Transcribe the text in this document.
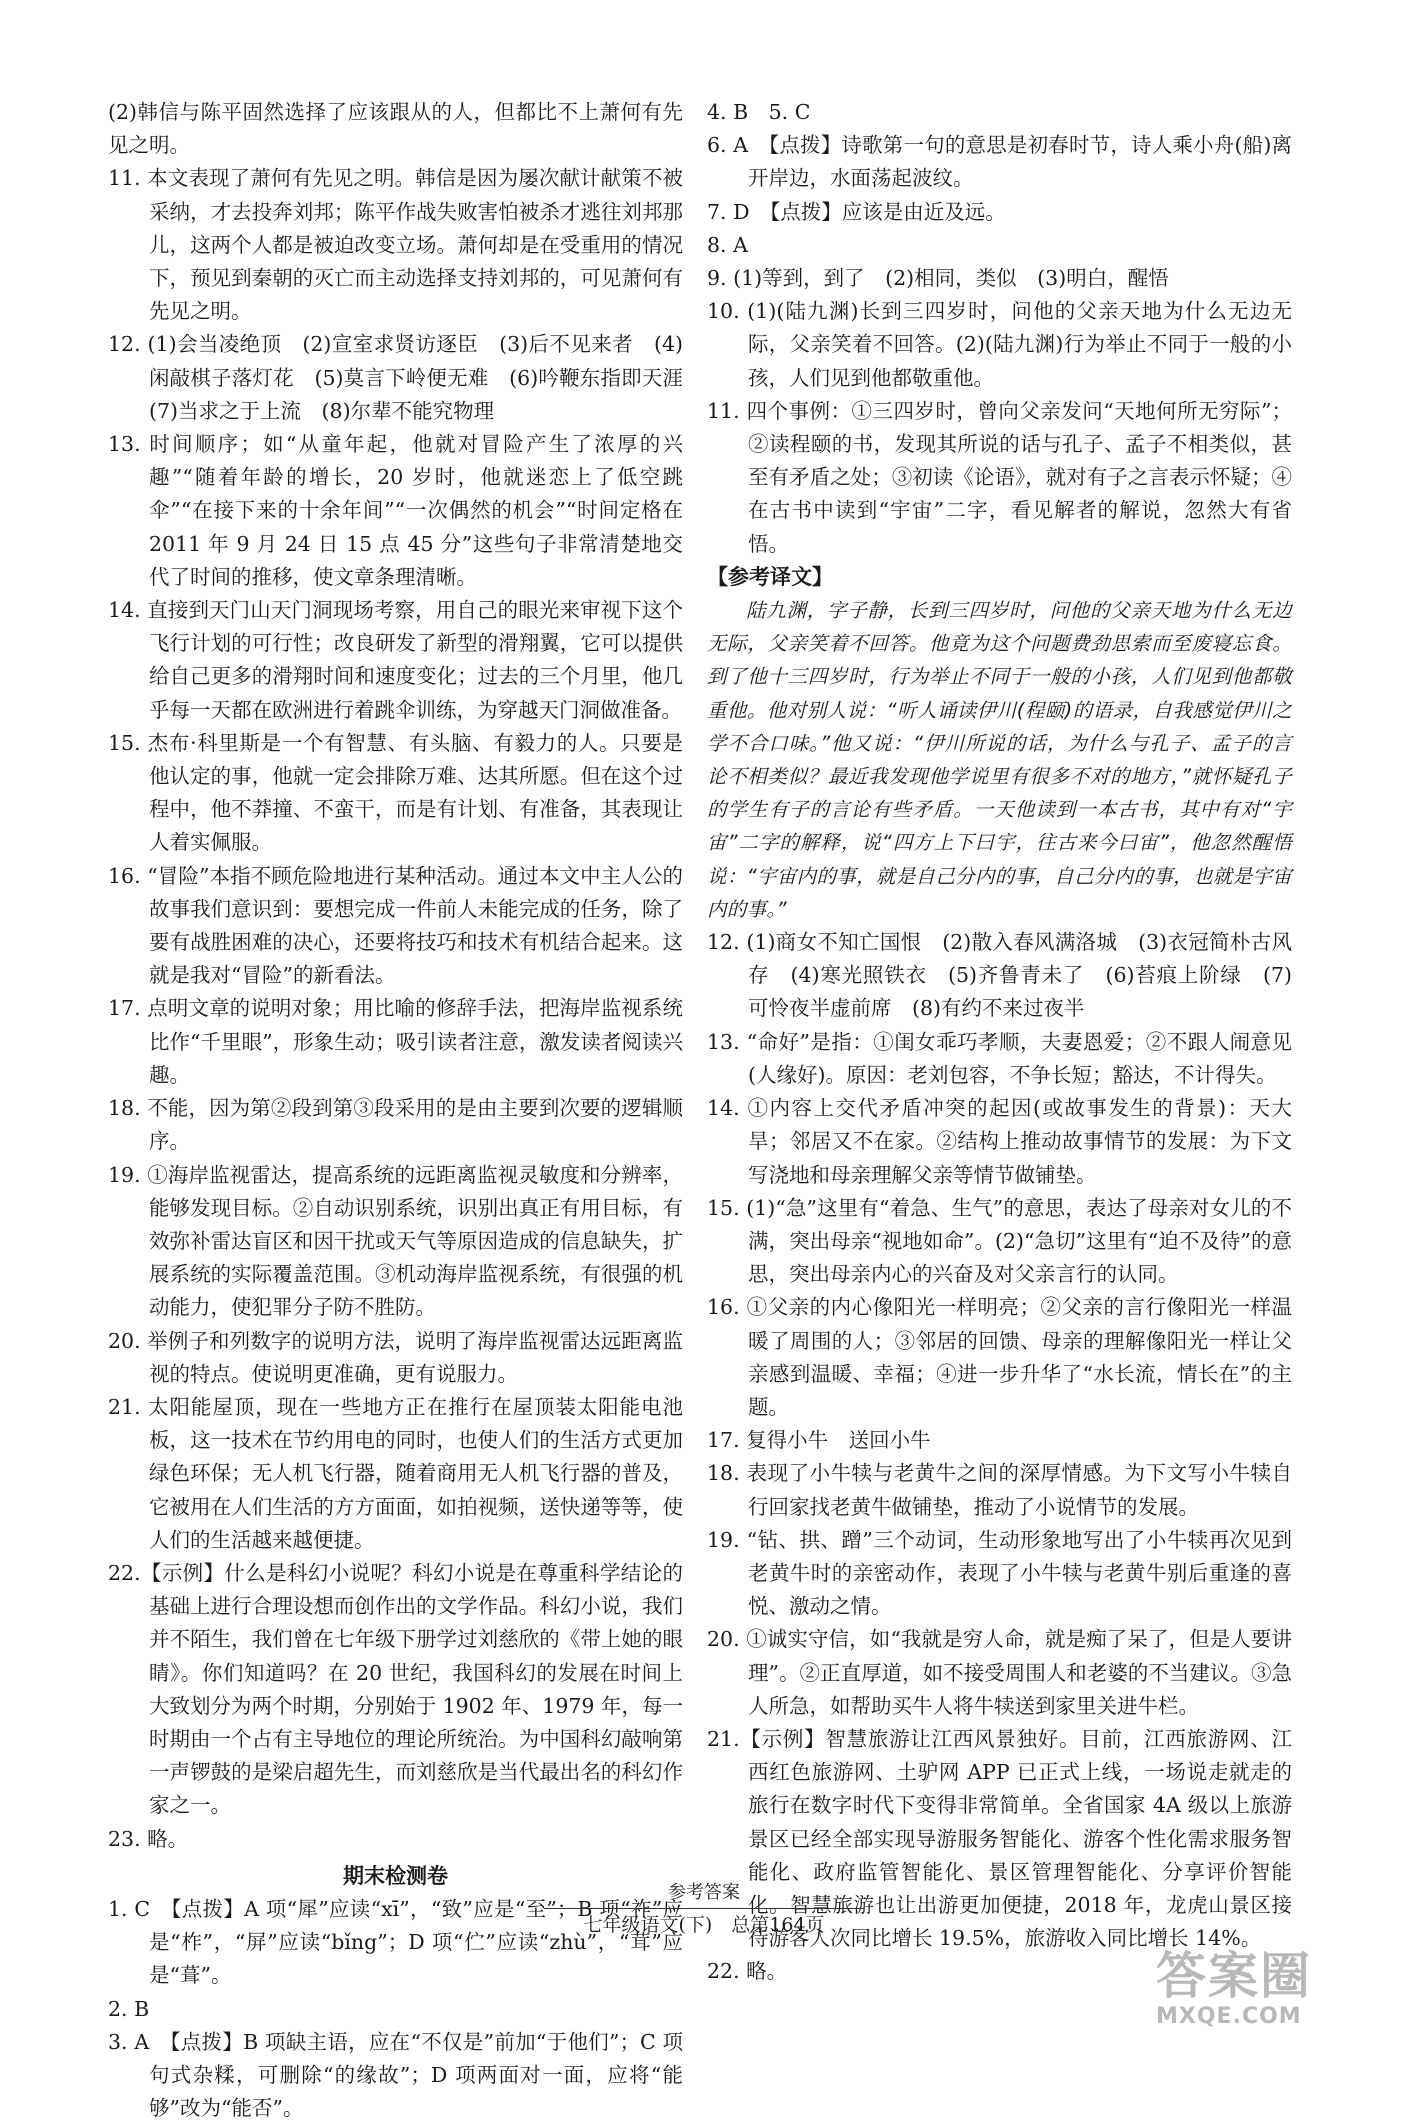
(2)韩信与陈平固然选择了应该跟从的人，但都比不上萧何有先见之明。

11. 本文表现了萧何有先见之明。韩信是因为屡次献计献策不被采纳，才去投奔刘邦；陈平作战失败害怕被杀才逃往刘邦那儿，这两个人都是被迫改变立场。萧何却是在受重用的情况下，预见到秦朝的灭亡而主动选择支持刘邦的，可见萧何有先见之明。

12. (1)会当凌绝顶　(2)宣室求贤访逐臣　(3)后不见来者　(4)闲敲棋子落灯花　(5)莫言下岭便无难　(6)吟鞭东指即天涯　(7)当求之于上流　(8)尔辈不能究物理

13. 时间顺序；如“从童年起，他就对冒险产生了浓厚的兴趣”“随着年龄的增长，20 岁时，他就迷恋上了低空跳伞”“在接下来的十余年间”“一次偶然的机会”“时间定格在 2011 年 9 月 24 日 15 点 45 分”这些句子非常清楚地交代了时间的推移，使文章条理清晰。

14. 直接到天门山天门洞现场考察，用自己的眼光来审视下这个飞行计划的可行性；改良研发了新型的滑翔翼，它可以提供给自己更多的滑翔时间和速度变化；过去的三个月里，他几乎每一天都在欧洲进行着跳伞训练，为穿越天门洞做准备。

15. 杰布·科里斯是一个有智慧、有头脑、有毅力的人。只要是他认定的事，他就一定会排除万难、达其所愿。但在这个过程中，他不莽撞、不蛮干，而是有计划、有准备，其表现让人着实佩服。

16. “冒险”本指不顾危险地进行某种活动。通过本文中主人公的故事我们意识到：要想完成一件前人未能完成的任务，除了要有战胜困难的决心，还要将技巧和技术有机结合起来。这就是我对“冒险”的新看法。

17. 点明文章的说明对象；用比喻的修辞手法，把海岸监视系统比作“千里眼”，形象生动；吸引读者注意，激发读者阅读兴趣。

18. 不能，因为第②段到第③段采用的是由主要到次要的逻辑顺序。

19. ①海岸监视雷达，提高系统的远距离监视灵敏度和分辨率，能够发现目标。②自动识别系统，识别出真正有用目标，有效弥补雷达盲区和因干扰或天气等原因造成的信息缺失，扩展系统的实际覆盖范围。③机动海岸监视系统，有很强的机动能力，使犯罪分子防不胜防。

20. 举例子和列数字的说明方法，说明了海岸监视雷达远距离监视的特点。使说明更准确，更有说服力。

21. 太阳能屋顶，现在一些地方正在推行在屋顶装太阳能电池板，这一技术在节约用电的同时，也使人们的生活方式更加绿色环保；无人机飞行器，随着商用无人机飞行器的普及，它被用在人们生活的方方面面，如拍视频，送快递等等，使人们的生活越来越便捷。

22.【示例】什么是科幻小说呢？科幻小说是在尊重科学结论的基础上进行合理设想而创作出的文学作品。科幻小说，我们并不陌生，我们曾在七年级下册学过刘慈欣的《带上她的眼睛》。你们知道吗？在 20 世纪，我国科幻的发展在时间上大致划分为两个时期，分别始于 1902 年、1979 年，每一时期由一个占有主导地位的理论所统治。为中国科幻敲响第一声锣鼓的是梁启超先生，而刘慈欣是当代最出名的科幻作家之一。

23. 略。

期末检测卷

1. C　【点拨】A 项“犀”应读“xī”，“致”应是“至”；B 项“祚”应是“柞”，“屏”应读“bǐng”；D 项“伫”应读“zhù”，“茸”应是“葺”。

2. B

3. A　【点拨】B 项缺主语，应在“不仅是”前加“于他们”；C 项句式杂糅，可删除“的缘故”；D 项两面对一面，应将“能够”改为“能否”。

4. B　5. C

6. A　【点拨】诗歌第一句的意思是初春时节，诗人乘小舟(船)离开岸边，水面荡起波纹。

7. D　【点拨】应该是由近及远。

8. A

9. (1)等到，到了　(2)相同，类似　(3)明白，醒悟

10. (1)(陆九渊)长到三四岁时，问他的父亲天地为什么无边无际，父亲笑着不回答。(2)(陆九渊)行为举止不同于一般的小孩，人们见到他都敬重他。

11. 四个事例：①三四岁时，曾向父亲发问“天地何所无穷际”；②读程颐的书，发现其所说的话与孔子、孟子不相类似，甚至有矛盾之处；③初读《论语》，就对有子之言表示怀疑；④在古书中读到“宇宙”二字，看见解者的解说，忽然大有省悟。

【参考译文】

陆九渊，字子静，长到三四岁时，问他的父亲天地为什么无边无际，父亲笑着不回答。他竟为这个问题费劲思索而至废寝忘食。到了他十三四岁时，行为举止不同于一般的小孩，人们见到他都敬重他。他对别人说：“听人诵读伊川(程颐)的语录，自我感觉伊川之学不合口味。”他又说：“伊川所说的话，为什么与孔子、孟子的言论不相类似？最近我发现他学说里有很多不对的地方，”就怀疑孔子的学生有子的言论有些矛盾。一天他读到一本古书，其中有对“宇宙”二字的解释，说“四方上下曰宇，往古来今曰宙”，他忽然醒悟说：“宇宙内的事，就是自己分内的事，自己分内的事，也就是宇宙内的事。”

12. (1)商女不知亡国恨　(2)散入春风满洛城　(3)衣冠简朴古风存　(4)寒光照铁衣　(5)齐鲁青未了　(6)苔痕上阶绿　(7)可怜夜半虚前席　(8)有约不来过夜半

13. “命好”是指：①闺女乖巧孝顺，夫妻恩爱；②不跟人闹意见(人缘好)。原因：老刘包容，不争长短；豁达，不计得失。

14. ①内容上交代矛盾冲突的起因(或故事发生的背景)：天大旱；邻居又不在家。②结构上推动故事情节的发展：为下文写浇地和母亲理解父亲等情节做铺垫。

15. (1)“急”这里有“着急、生气”的意思，表达了母亲对女儿的不满，突出母亲“视地如命”。(2)“急切”这里有“迫不及待”的意思，突出母亲内心的兴奋及对父亲言行的认同。

16. ①父亲的内心像阳光一样明亮；②父亲的言行像阳光一样温暖了周围的人；③邻居的回馈、母亲的理解像阳光一样让父亲感到温暖、幸福；④进一步升华了“水长流，情长在”的主题。

17. 复得小牛　送回小牛

18. 表现了小牛犊与老黄牛之间的深厚情感。为下文写小牛犊自行回家找老黄牛做铺垫，推动了小说情节的发展。

19. “钻、拱、蹭”三个动词，生动形象地写出了小牛犊再次见到老黄牛时的亲密动作，表现了小牛犊与老黄牛别后重逢的喜悦、激动之情。

20. ①诚实守信，如“我就是穷人命，就是痴了呆了，但是人要讲理”。②正直厚道，如不接受周围人和老婆的不当建议。③急人所急，如帮助买牛人将牛犊送到家里关进牛栏。

21.【示例】智慧旅游让江西风景独好。目前，江西旅游网、江西红色旅游网、土驴网 APP 已正式上线，一场说走就走的旅行在数字时代下变得非常简单。全省国家 4A 级以上旅游景区已经全部实现导游服务智能化、游客个性化需求服务智能化、政府监管智能化、景区管理智能化、分享评价智能化。智慧旅游也让出游更加便捷，2018 年，龙虎山景区接待游客人次同比增长 19.5%，旅游收入同比增长 14%。

22. 略。

参考答案
七年级语文(下)　总第164页
答案圈
MXQE.COM
